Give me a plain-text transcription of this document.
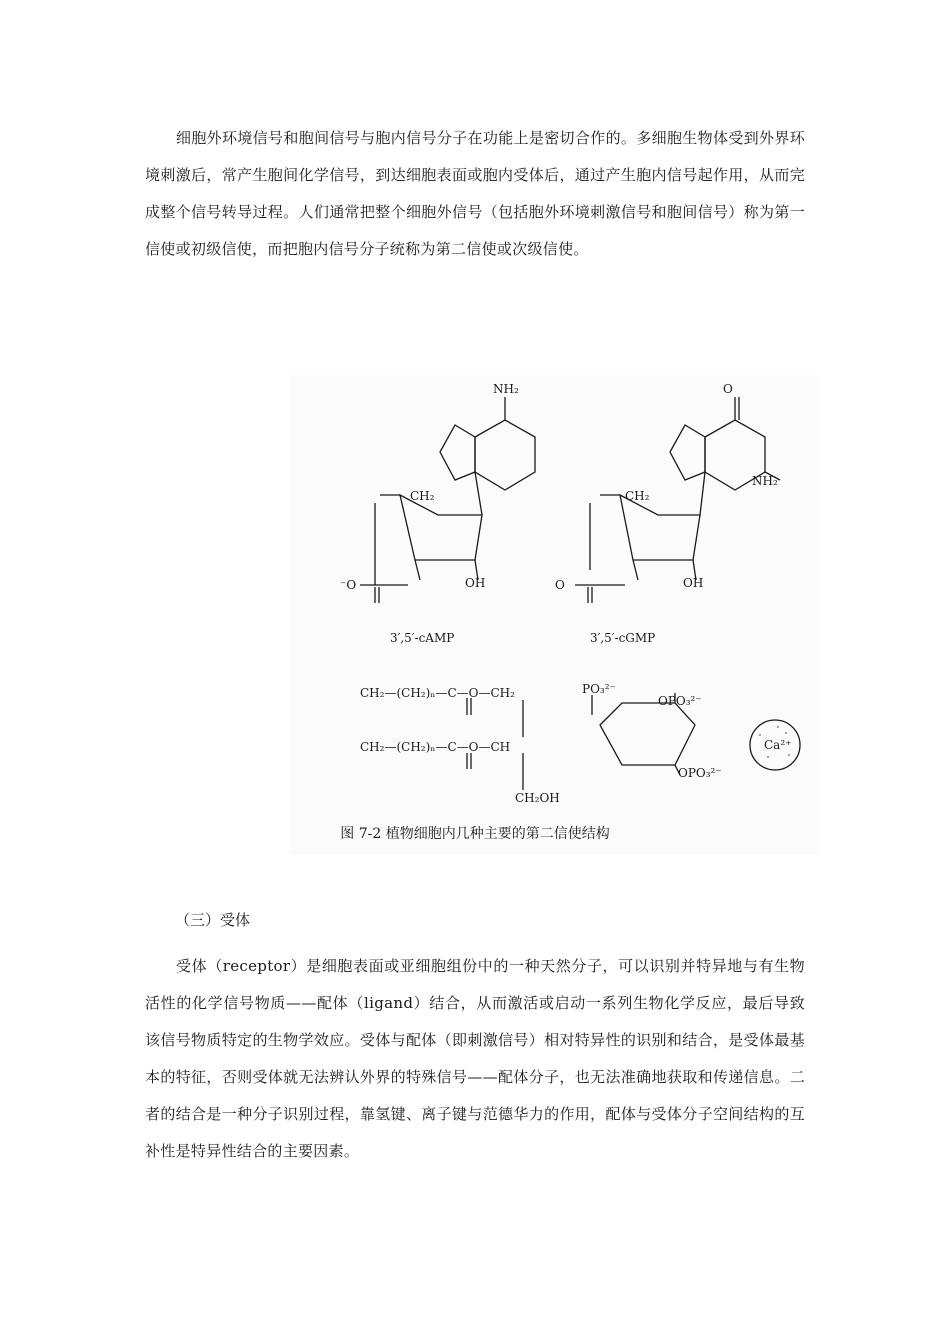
细胞外环境信号和胞间信号与胞内信号分子在功能上是密切合作的。多细胞生物体受到外界环境刺激后，常产生胞间化学信号，到达细胞表面或胞内受体后，通过产生胞内信号起作用，从而完成整个信号转导过程。人们通常把整个细胞外信号（包括胞外环境刺激信号和胞间信号）称为第一信使或初级信使，而把胞内信号分子统称为第二信使或次级信使。

NH₂	O
NH₂
CH₂	CH₂
OH	OH
⁻O	O
3′,5′-cAMP	3′,5′-cGMP
CH₂—(CH₂)ₙ—C—O—CH₂
CH₂—(CH₂)ₙ—C—O—CH
CH₂OH
PO₃²⁻
OPO₃²⁻
OPO₃²⁻
Ca²⁺

图 7-2 植物细胞内几种主要的第二信使结构

（三）受体

受体（receptor）是细胞表面或亚细胞组份中的一种天然分子，可以识别并特异地与有生物活性的化学信号物质——配体（ligand）结合，从而激活或启动一系列生物化学反应，最后导致该信号物质特定的生物学效应。受体与配体（即刺激信号）相对特异性的识别和结合，是受体最基本的特征，否则受体就无法辨认外界的特殊信号——配体分子，也无法准确地获取和传递信息。二者的结合是一种分子识别过程，靠氢键、离子键与范德华力的作用，配体与受体分子空间结构的互补性是特异性结合的主要因素。
